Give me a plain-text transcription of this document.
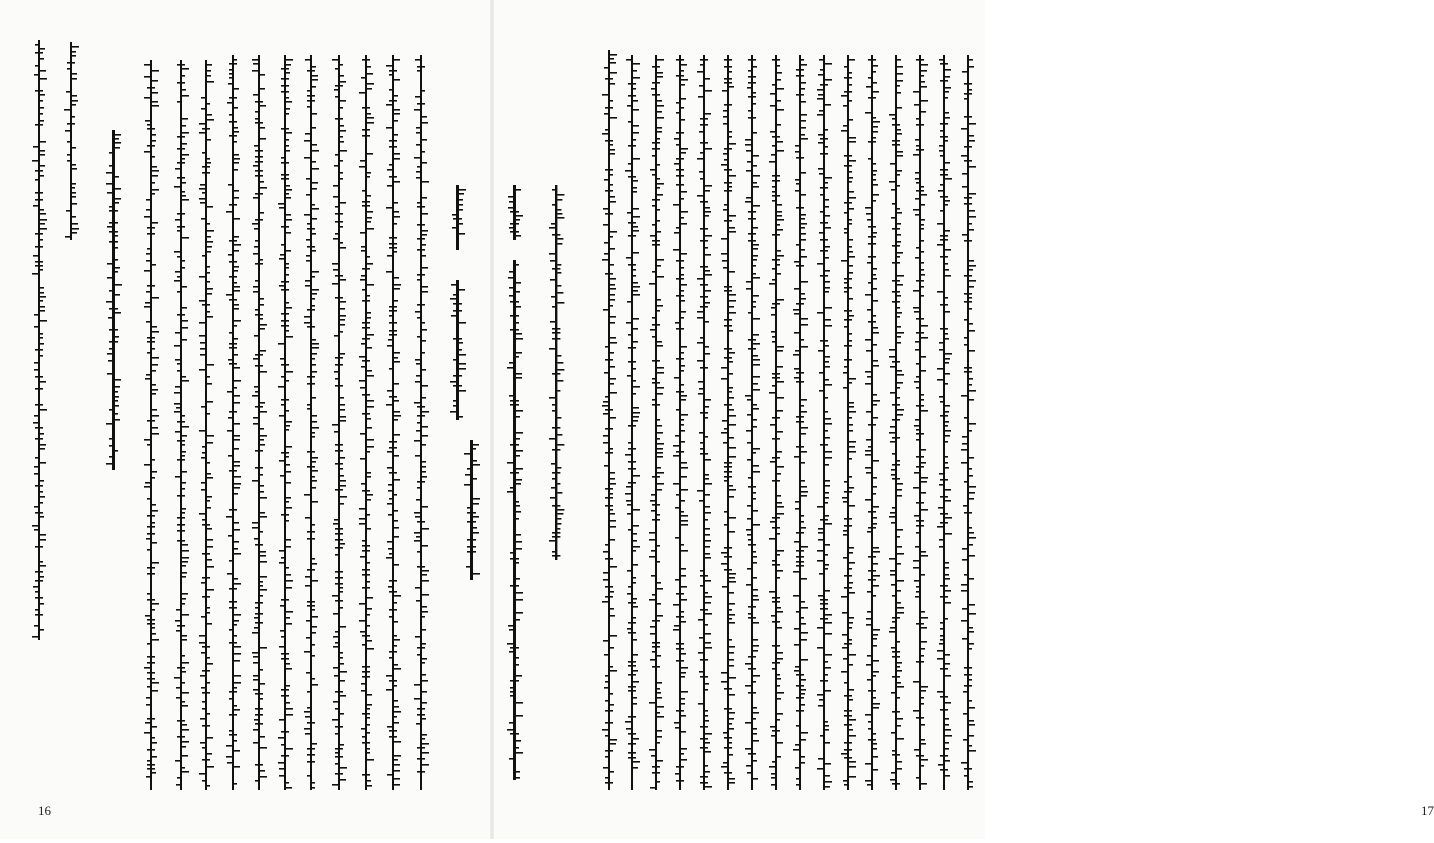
16	17
